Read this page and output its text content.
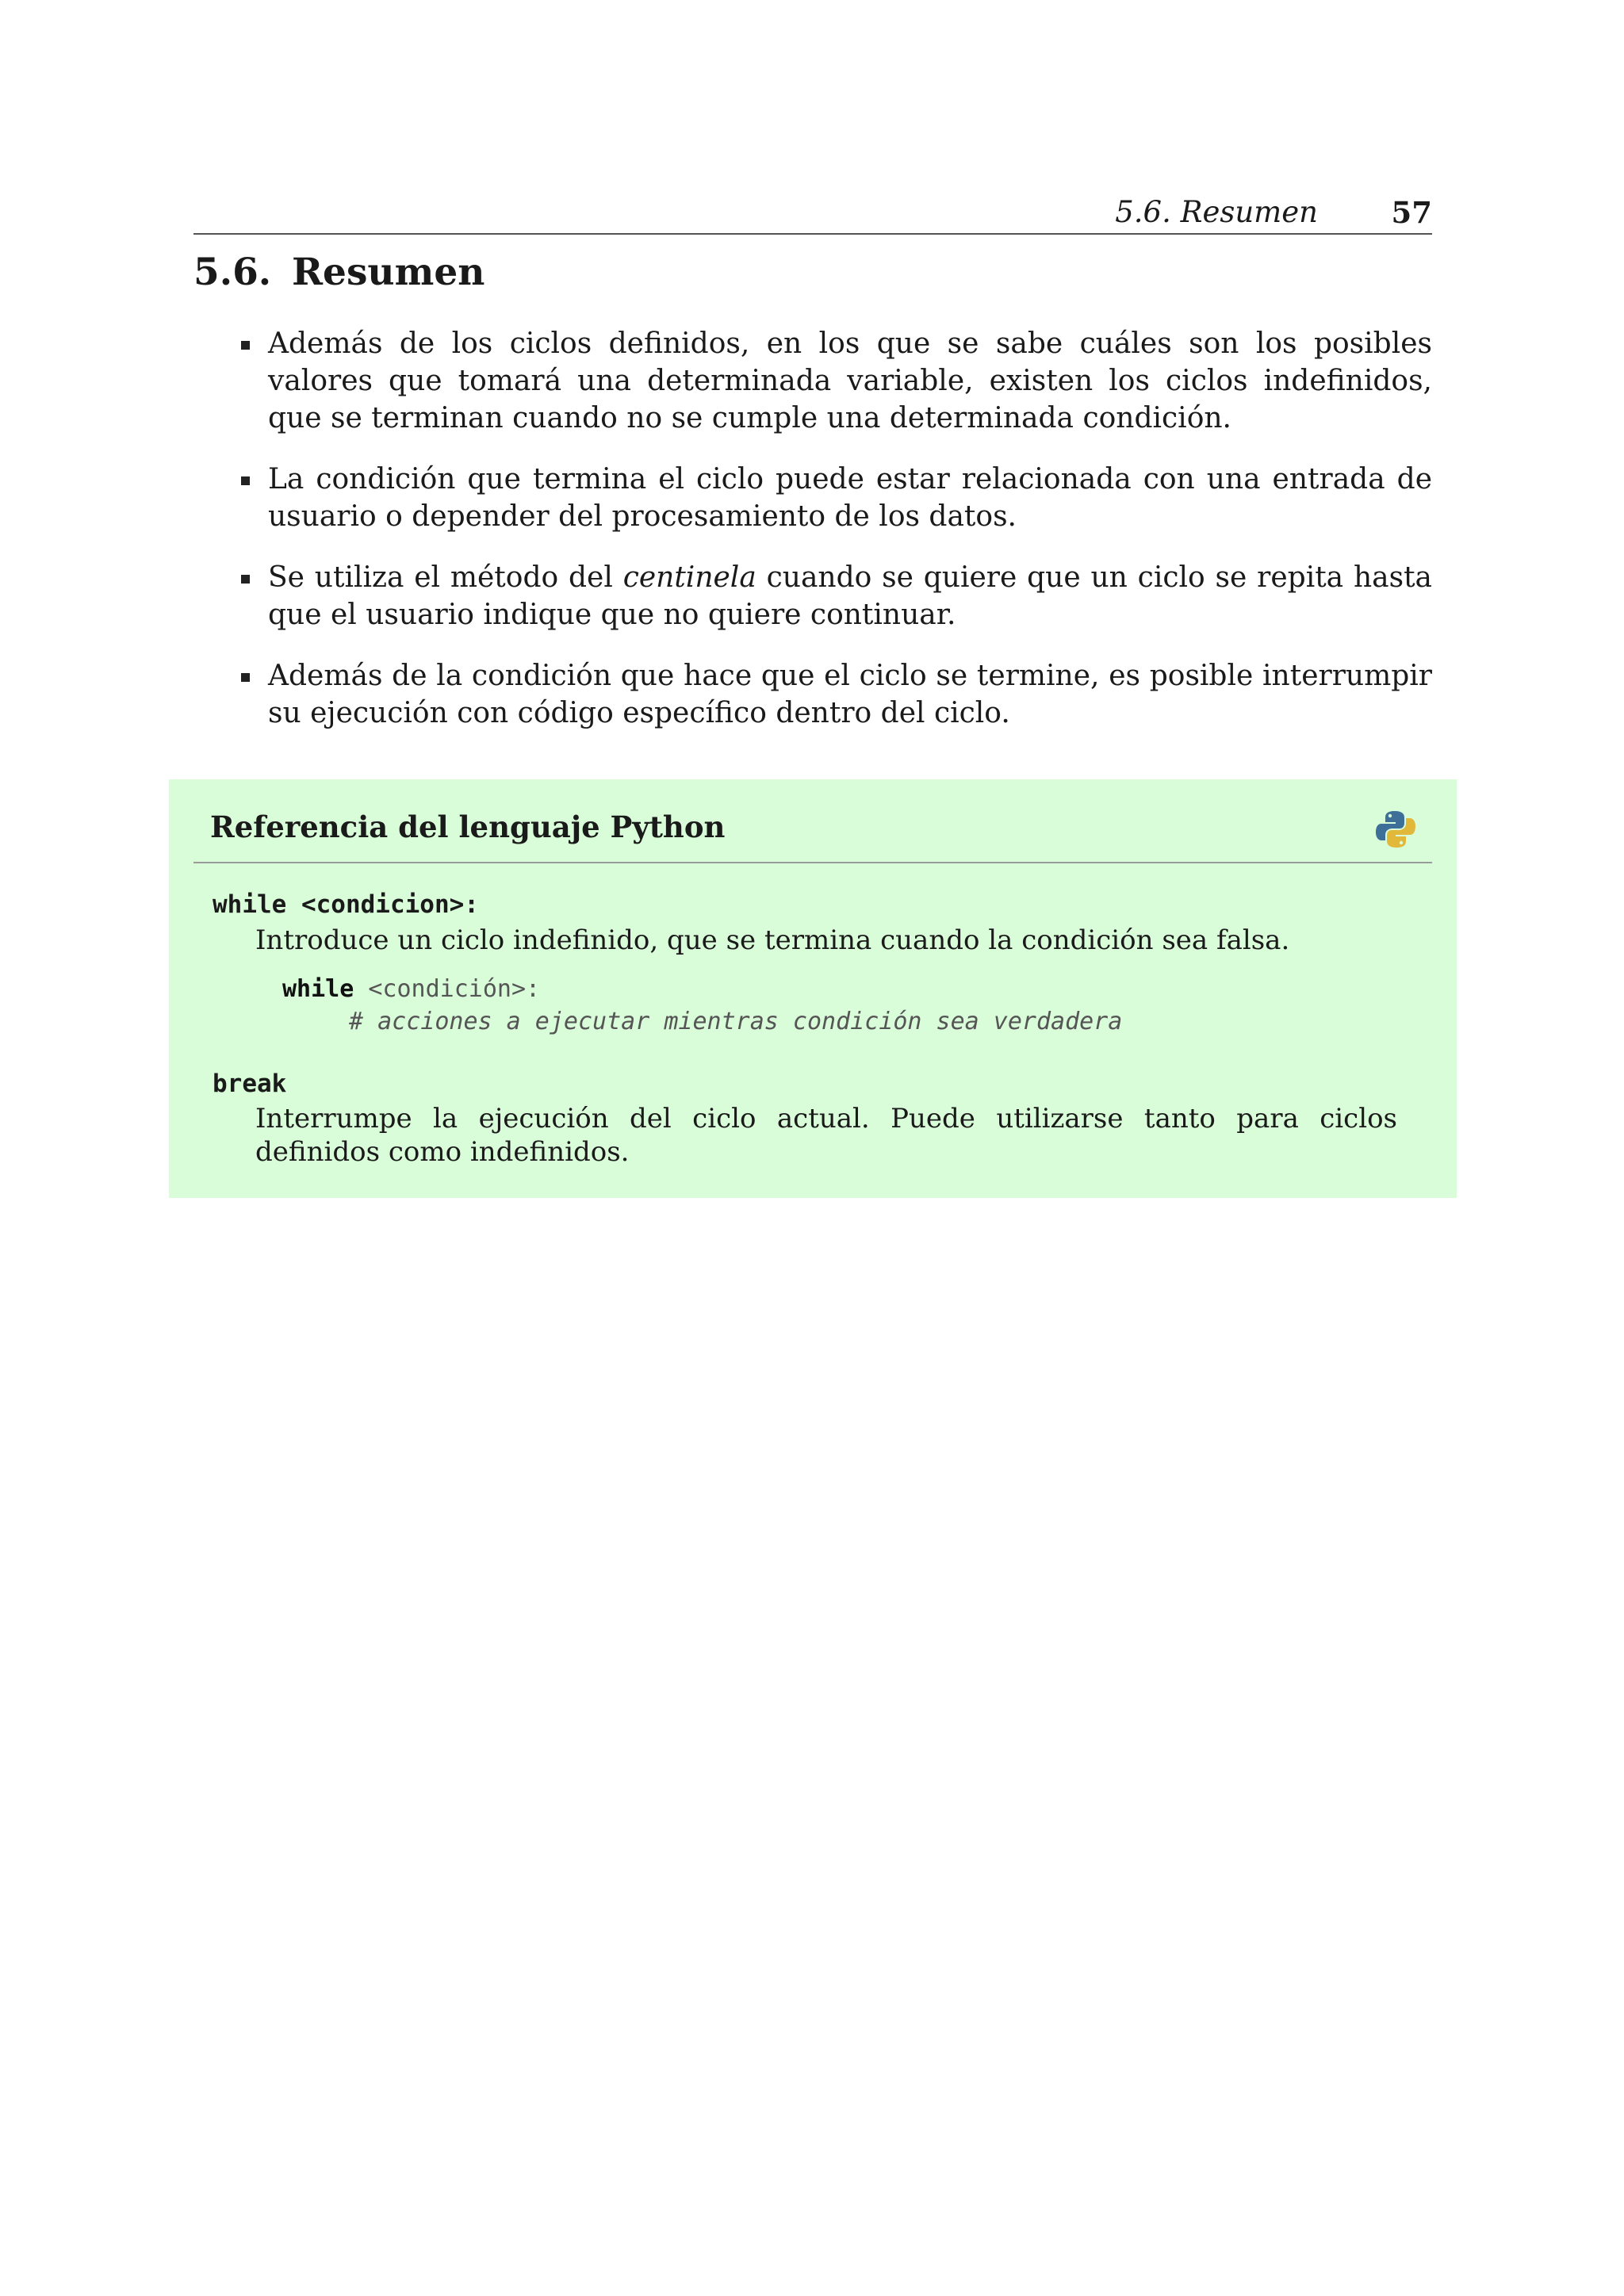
5.6. Resumen	57
5.6. Resumen
Además de los ciclos definidos, en los que se sabe cuáles son los posibles valores que tomará una determinada variable, existen los ciclos indefinidos, que se terminan cuando no se cumple una determinada condición.
La condición que termina el ciclo puede estar relacionada con una entrada de usuario o depender del procesamiento de los datos.
Se utiliza el método del centinela cuando se quiere que un ciclo se repita hasta que el usuario indique que no quiere continuar.
Además de la condición que hace que el ciclo se termine, es posible interrumpir su ejecución con código específico dentro del ciclo.
Referencia del lenguaje Python
while <condicion>:
Introduce un ciclo indefinido, que se termina cuando la condición sea falsa.
while <condición>:
# acciones a ejecutar mientras condición sea verdadera
break
Interrumpe la ejecución del ciclo actual. Puede utilizarse tanto para ciclos definidos como indefinidos.
